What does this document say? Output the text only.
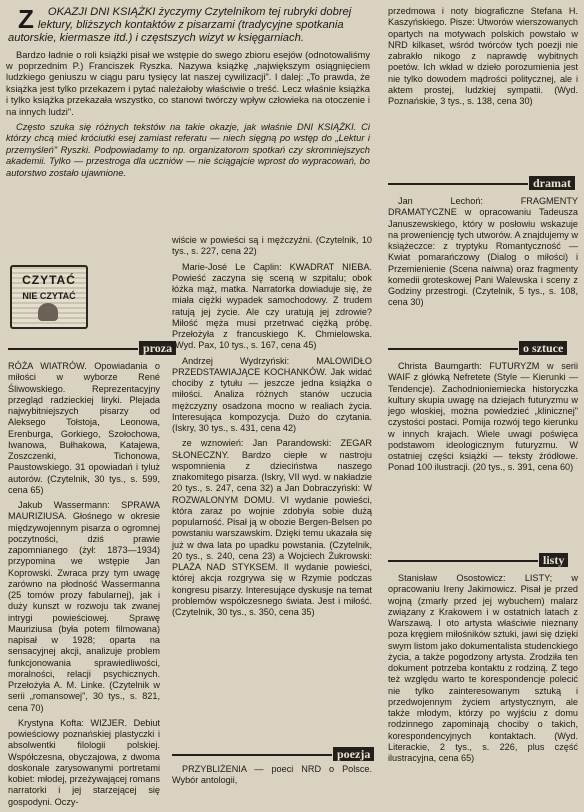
Z OKAZJI DNI KSIĄŻKI życzymy Czytelnikom tej rubryki dobrej lektury, bliższych kontaktów z pisarzami (tradycyjne spotkania autorskie, kiermasze itd.) i częstszych wizyt w księgarniach.

Bardzo ładnie o roli książki pisał we wstępie do swego zbioru esejów (odnotowaliśmy w poprzednim P.) Franciszek Ryszka. Nazywa książkę „największym osiągnięciem ludzkiego geniuszu w ciągu paru tysięcy lat naszej cywilizacji". I dalej: „To prawda, że książka jest tylko przekazem i pytać należałoby właściwie o treść. Lecz właśnie książka i tylko książka przekazała wszystko, co stanowi twórczy wpływ człowieka na otoczenie i na innych ludzi".

Często szuka się różnych tekstów na takie okazje, jak właśnie DNI KSIĄŻKI. Ci którzy chcą mieć króciutki esej zamiast referatu — niech sięgną po wstęp do „Lektur i przemyśleń" Ryszki. Podpowiadamy to np. organizatorom spotkań czy skromniejszych akademii. Tylko — przestroga dla uczniów — nie ściągajcie wprost do wypracowań, bo autorstwo zostało ujawnione.

CZYTAĆ
NIE CZYTAĆ
proza

RÓŻA WIATRÓW. Opowiadania o miłości w wyborze René Śliwowskiego. Reprezentacyjny przegląd radzieckiej liryki. Plejada najwybitniejszych pisarzy od Aleksego Tołstoja, Leonowa, Erenburga, Gorkiego, Szołochowa, Iwanowa, Bułhakowa, Katajewa, Zoszczenki, Tichonowa, Paustowskiego. 31 opowiadań i tyluż autorów. (Czytelnik, 30 tys., s. 599, cena 65)

Jakub Wassermann: SPRAWA MAURIZIUSA. Głośnego w okresie międzywojennym pisarza o ogromnej poczytności, dziś prawie zapomnianego (żył: 1873—1934) przypomina we wstępie Jan Koprowski. Zwraca przy tym uwagę zarówno na płodność Wassermanna (25 tomów prozy fabularnej), jak i duży kunszt w rozwoju tak zwanej intrygi powieściowej. Sprawę Mauriziusa (była potem filmowana) napisał w 1928; oparta na sensacyjnej akcji, analizuje problem funkcjonowania sprawiedliwości, moralności, relacji psychicznych. Przełożyła A. M. Linke. (Czytelnik w serii „romansowej", 30 tys., s. 821, cena 70)

Krystyna Kofta: WIZJER. Debiut powieściowy poznańskiej plastyczki i absolwentki filologii polskiej. Współczesna, obyczajowa, z dwoma doskonale zarysowanymi portretami kobiet: młodej, przeżywającej romans narratorki i jej starzejącej się gospodyni. Oczy-

wiście w powieści są i mężczyźni. (Czytelnik, 10 tys., s. 227, cena 22)

Marie-José Le Caplin: KWADRAT NIEBA. Powieść zaczyna się sceną w szpitalu; obok łóżka mąż, matka. Narratorka dowiaduje się, że miała ciężki wypadek samochodowy. Z trudem ratują jej życie. Ale czy uratują jej zdrowie? Miłość męża musi przetrwać ciężką próbę. Przełożyła z francuskiego K. Chmielowska. (Wyd. Pax, 10 tys., s. 167, cena 45)

Andrzej Wydrzyński: MALOWIDŁO PRZEDSTAWIAJĄCE KOCHANKÓW. Jak widać chociby z tytułu — jeszcze jedna książka o miłości. Analiza różnych stanów uczucia mężczyzny osadzona mocno w realiach życia. Interesująca kompozycja. Dużo do czytania. (Iskry, 30 tys., s. 431, cena 42)

ze wznowień: Jan Parandowski: ZEGAR SŁONECZNY. Bardzo ciepłe w nastroju wspomnienia z dzieciństwa naszego znakomitego pisarza. (Iskry, VII wyd. w nakładzie 20 tys., s. 247, cena 32) a Jan Dobraczyński: W ROZWALONYM DOMU. VI wydanie powieści, która zaraz po wojnie zdobyła sobie dużą popularność. Pisał ją w obozie Bergen-Belsen po powstaniu warszawskim. Dzięki temu ukazała się już w dwa lata po upadku powstania. (Czytelnik, 20 tys., s. 240, cena 23) a Wojciech Żukrowski: PLAŻA NAD STYKSEM. II wydanie powieści, której akcja rozgrywa się w Rzymie podczas kongresu pisarzy. Interesujące dyskusje na temat problemów współczesnego świata. Jest i miłość. (Czytelnik, 30 tys., s. 350, cena 35)

poezja

PRZYBLIŻENIA — poeci NRD o Polsce. Wybór antologii,

przedmowa i noty biograficzne Stefana H. Kaszyńskiego. Pisze: Utworów wierszowanych opartych na motywach polskich powstało w NRD kilkaset, wśród twórców tych poezji nie zabrakło nikogo z naprawdę wybitnych poetów. Ich wkład w dzieło porozumienia jest nie tylko dowodem mądrości politycznej, ale i aktem prostej, ludzkiej sympatii. (Wyd. Poznańskie, 3 tys., s. 138, cena 30)

dramat

Jan Lechoń: FRAGMENTY DRAMATYCZNE w opracowaniu Tadeusza Januszewskiego, który w posłowiu wskazuje na proweniencję tych utworów. A znajdujemy w książeczce: z tryptyku Romantyczność — Kwiat pomarańczowy (Dialog o miłości) i Przemienienie (Scena naiwna) oraz fragmenty komedii groteskowej Pani Walewska i sceny z Godziny przestrogi. (Czytelnik, 5 tys., s. 108, cena 30)

o sztuce

Christa Baumgarth: FUTURYZM w serii WAIF z główką Nefretete (Style — Kierunki — Tendencje). Zachodnioniemiecka historyczka kultury skupia uwagę na dziejach futuryzmu w jego włoskiej, można powiedzieć „klinicznej" czystości postaci. Pomija rozwój tego kierunku w innych krajach. Wiele uwagi poświęca podstawom ideologicznym futuryzmu. W ostatniej części książki — teksty źródłowe. Ponad 100 ilustracji. (20 tys., s. 391, cena 60)

listy

Stanisław Osostowicz: LISTY; w opracowaniu Ireny Jakimowicz. Pisał je przed wojną (zmarły przed jej wybuchem) malarz związany z Krakowem i w ostatnich latach z Warszawą. I oto artysta właściwie nieznany poza kręgiem miłośników sztuki, jawi się dzięki swym listom jako dokumentalista studenckiego życia, a także pogodzony artysta. Zrodziła ten dokument potrzeba kontaktu z rodziną. Z tego też względu warto te korespondencje polecić nie tylko zainteresowanym sztuką i przedwojennym życiem artystycznym, ale także młodym, którzy po wyjściu z domu rodzinnego zapominają chociby o takich, korespondencyjnych kontaktach. (Wyd. Literackie, 2 tys., s. 226, plus część ilustracyjna, cena 65)
